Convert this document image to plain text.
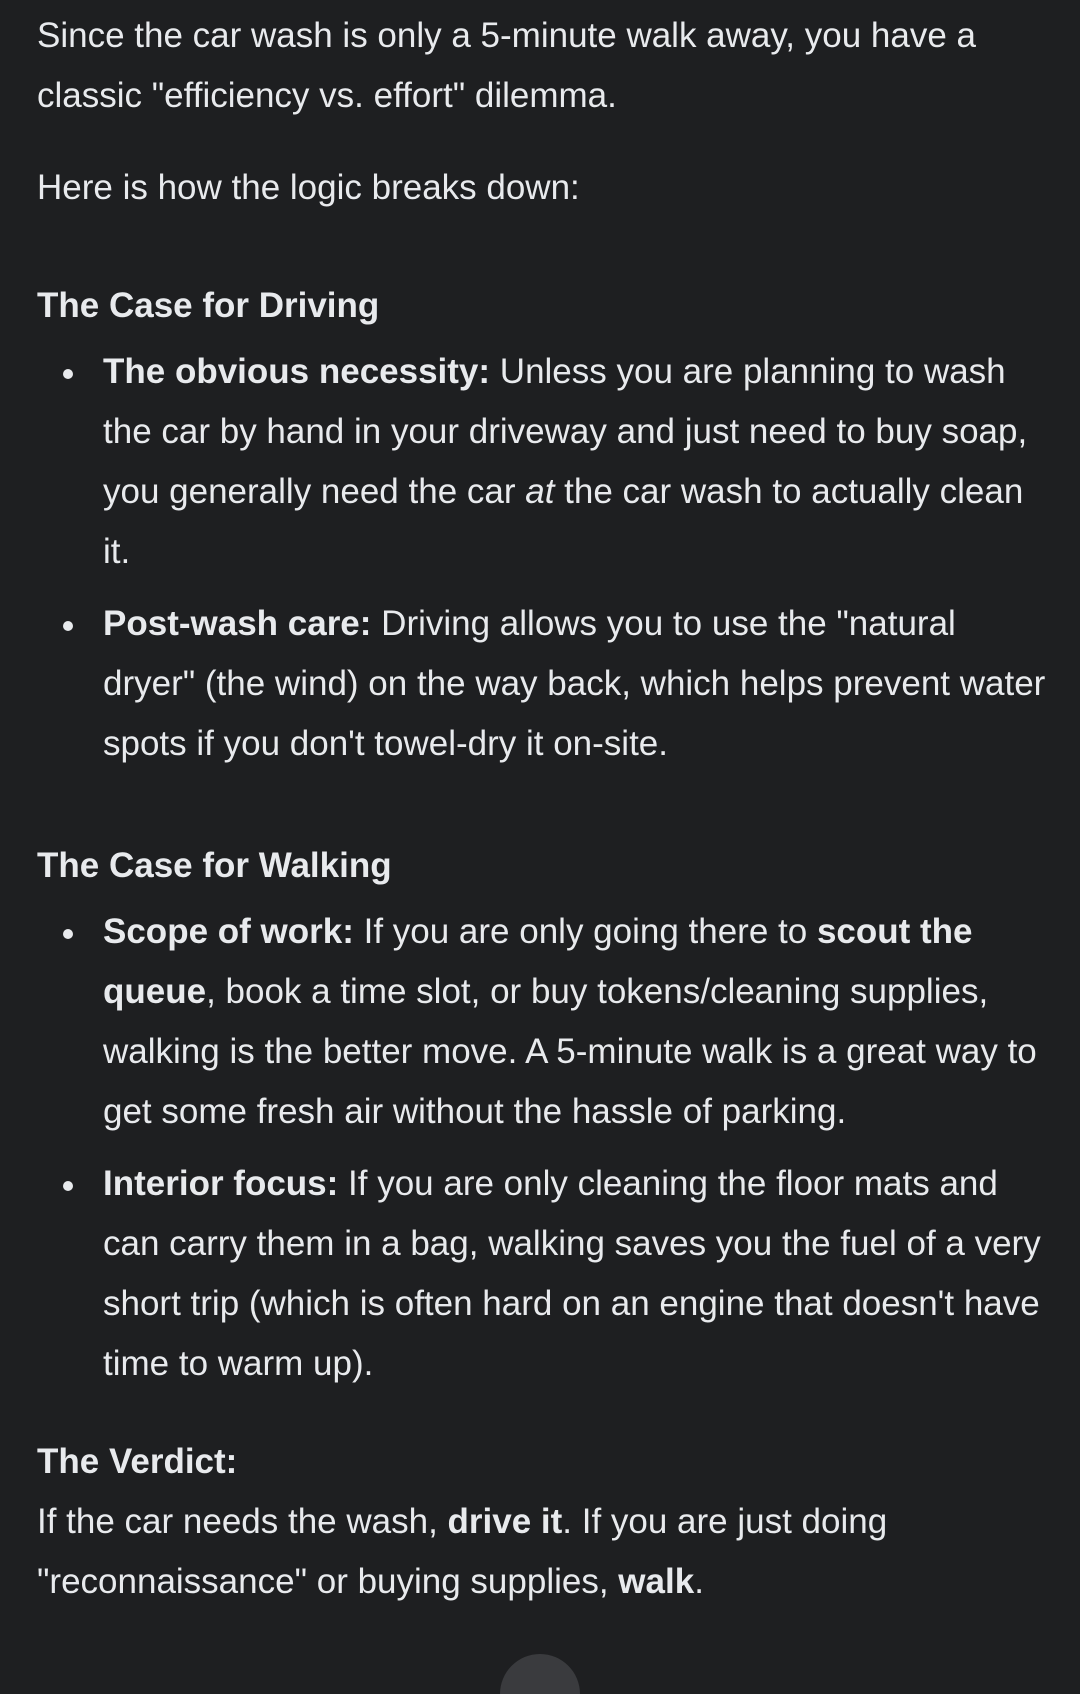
Since the car wash is only a 5-minute walk away, you have a classic "efficiency vs. effort" dilemma.

Here is how the logic breaks down:

The Case for Driving
The obvious necessity: Unless you are planning to wash the car by hand in your driveway and just need to buy soap, you generally need the car at the car wash to actually clean it.
Post-wash care: Driving allows you to use the "natural dryer" (the wind) on the way back, which helps prevent water spots if you don't towel-dry it on-site.
The Case for Walking
Scope of work: If you are only going there to scout the queue, book a time slot, or buy tokens/cleaning supplies, walking is the better move. A 5-minute walk is a great way to get some fresh air without the hassle of parking.
Interior focus: If you are only cleaning the floor mats and can carry them in a bag, walking saves you the fuel of a very short trip (which is often hard on an engine that doesn't have time to warm up).
The Verdict:

If the car needs the wash, drive it. If you are just doing "reconnaissance" or buying supplies, walk.
